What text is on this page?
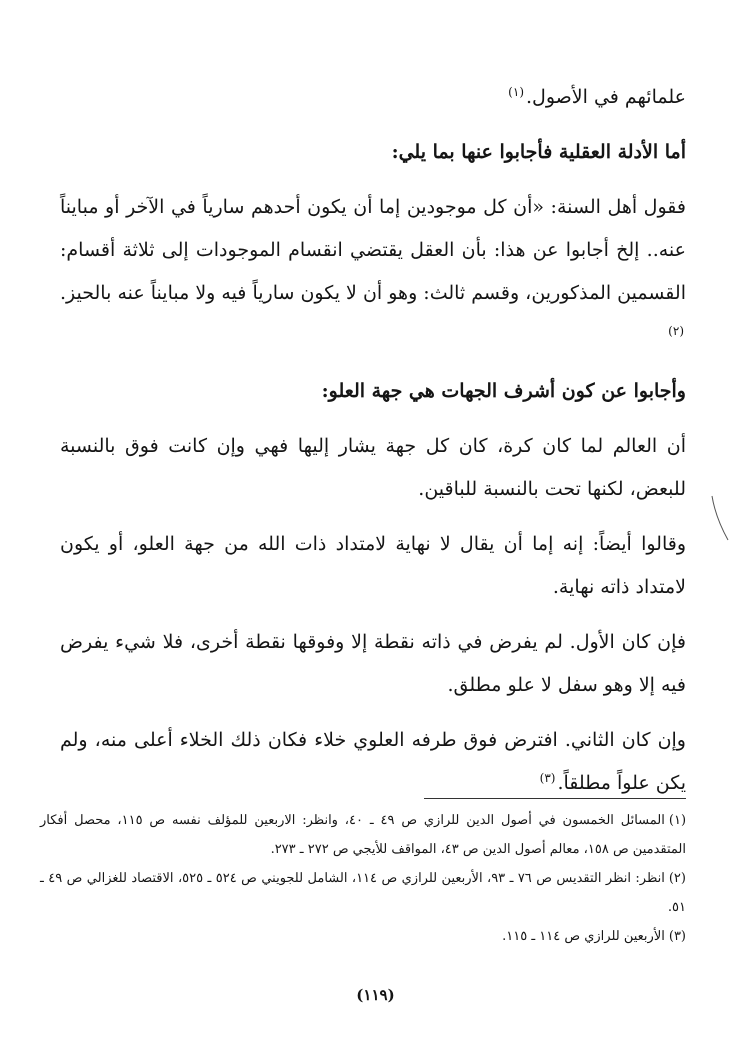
علمائهم في الأصول.$^{(١)}$

أما الأدلة العقلية فأجابوا عنها بما يلي:

فقول أهل السنة: «أن كل موجودين إما أن يكون أحدهم سارياً في الآخر أو مبايناً عنه.. إلخ أجابوا عن هذا: بأن العقل يقتضي انقسام الموجودات إلى ثلاثة أقسام: القسمين المذكورين، وقسم ثالث: وهو أن لا يكون سارياً فيه ولا مبايناً عنه بالحيز.$^{(٢)}$

وأجابوا عن كون أشرف الجهات هي جهة العلو:

أن العالم لما كان كرة، كان كل جهة يشار إليها فهي وإن كانت فوق بالنسبة للبعض، لكنها تحت بالنسبة للباقين.

وقالوا أيضاً: إنه إما أن يقال لا نهاية لامتداد ذات الله من جهة العلو، أو يكون لامتداد ذاته نهاية.

فإن كان الأول. لم يفرض في ذاته نقطة إلا وفوقها نقطة أخرى، فلا شيء يفرض فيه إلا وهو سفل لا علو مطلق.

وإن كان الثاني. افترض فوق طرفه العلوي خلاء فكان ذلك الخلاء أعلى منه، ولم يكن علواً مطلقاً.$^{(٣)}$

(١)المسائل الخمسون في أصول الدين للرازي ص ٤٩ ـ ٤٠، وانظر: الاربعين للمؤلف نفسه ص ١١٥، محصل أفكار المتقدمين ص ١٥٨، معالم أصول الدين ص ٤٣، المواقف للأيجي ص ٢٧٢ ـ ٢٧٣.

(٢)انظر: انظر التقديس ص ٧٦ ـ ٩٣، الأربعين للرازي ص ١١٤، الشامل للجويني ص ٥٢٤ ـ ٥٢٥، الاقتصاد للغزالي ص ٤٩ ـ ٥١.

(٣)الأربعين للرازي ص ١١٤ ـ ١١٥.

(١١٩)
